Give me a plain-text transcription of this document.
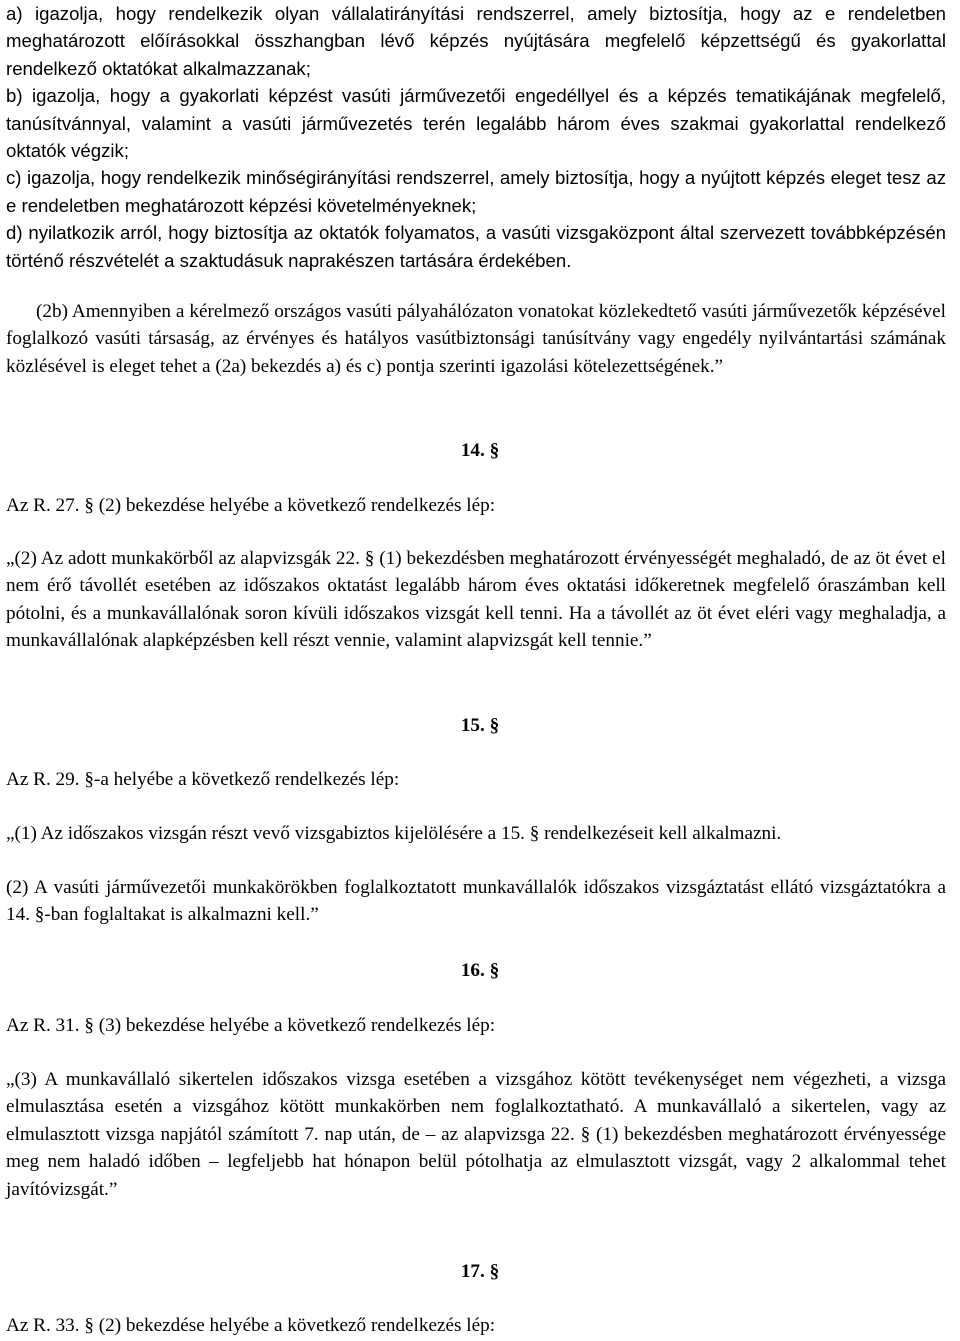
a) igazolja, hogy rendelkezik olyan vállalatirányítási rendszerrel, amely biztosítja, hogy az e rendeletben meghatározott előírásokkal összhangban lévő képzés nyújtására megfelelő képzettségű és gyakorlattal rendelkező oktatókat alkalmazzanak;
b) igazolja, hogy a gyakorlati képzést vasúti járművezetői engedéllyel és a képzés tematikájának megfelelő, tanúsítvánnyal, valamint a vasúti járművezetés terén legalább három éves szakmai gyakorlattal rendelkező oktatók végzik;
c) igazolja, hogy rendelkezik minőségirányítási rendszerrel, amely biztosítja, hogy a nyújtott képzés eleget tesz az e rendeletben meghatározott képzési követelményeknek;
d) nyilatkozik arról, hogy biztosítja az oktatók folyamatos, a vasúti vizsgaközpont által szervezett továbbképzésén történő részvételét a szaktudásuk naprakészen tartására érdekében.
(2b) Amennyiben a kérelmező országos vasúti pályahálózaton vonatokat közlekedtető vasúti járművezetők képzésével foglalkozó vasúti társaság, az érvényes és hatályos vasútbiztonsági tanúsítvány vagy engedély nyilvántartási számának közlésével is eleget tehet a (2a) bekezdés a) és c) pontja szerinti igazolási kötelezettségének.”
14. §
Az R. 27. § (2) bekezdése helyébe a következő rendelkezés lép:
„(2) Az adott munkakörből az alapvizsgák 22. § (1) bekezdésben meghatározott érvényességét meghaladó, de az öt évet el nem érő távollét esetében az időszakos oktatást legalább három éves oktatási időkeretnek megfelelő óraszámban kell pótolni, és a munkavállalónak soron kívüli időszakos vizsgát kell tenni. Ha a távollét az öt évet eléri vagy meghaladja, a munkavállalónak alapképzésben kell részt vennie, valamint alapvizsgát kell tennie.”
15. §
Az R. 29. §-a helyébe a következő rendelkezés lép:
„(1) Az időszakos vizsgán részt vevő vizsgabiztos kijelölésére a 15. § rendelkezéseit kell alkalmazni.
(2) A vasúti járművezetői munkakörökben foglalkoztatott munkavállalók időszakos vizsgáztatást ellátó vizsgáztatókra a 14. §-ban foglaltakat is alkalmazni kell.”
16. §
Az R. 31. § (3) bekezdése helyébe a következő rendelkezés lép:
„(3) A munkavállaló sikertelen időszakos vizsga esetében a vizsgához kötött tevékenységet nem végezheti, a vizsga elmulasztása esetén a vizsgához kötött munkakörben nem foglalkoztatható. A munkavállaló a sikertelen, vagy az elmulasztott vizsga napjától számított 7. nap után, de – az alapvizsga 22. § (1) bekezdésben meghatározott érvényessége meg nem haladó időben – legfeljebb hat hónapon belül pótolhatja az elmulasztott vizsgát, vagy 2 alkalommal tehet javítóvizsgát.”
17. §
Az R. 33. § (2) bekezdése helyébe a következő rendelkezés lép:
